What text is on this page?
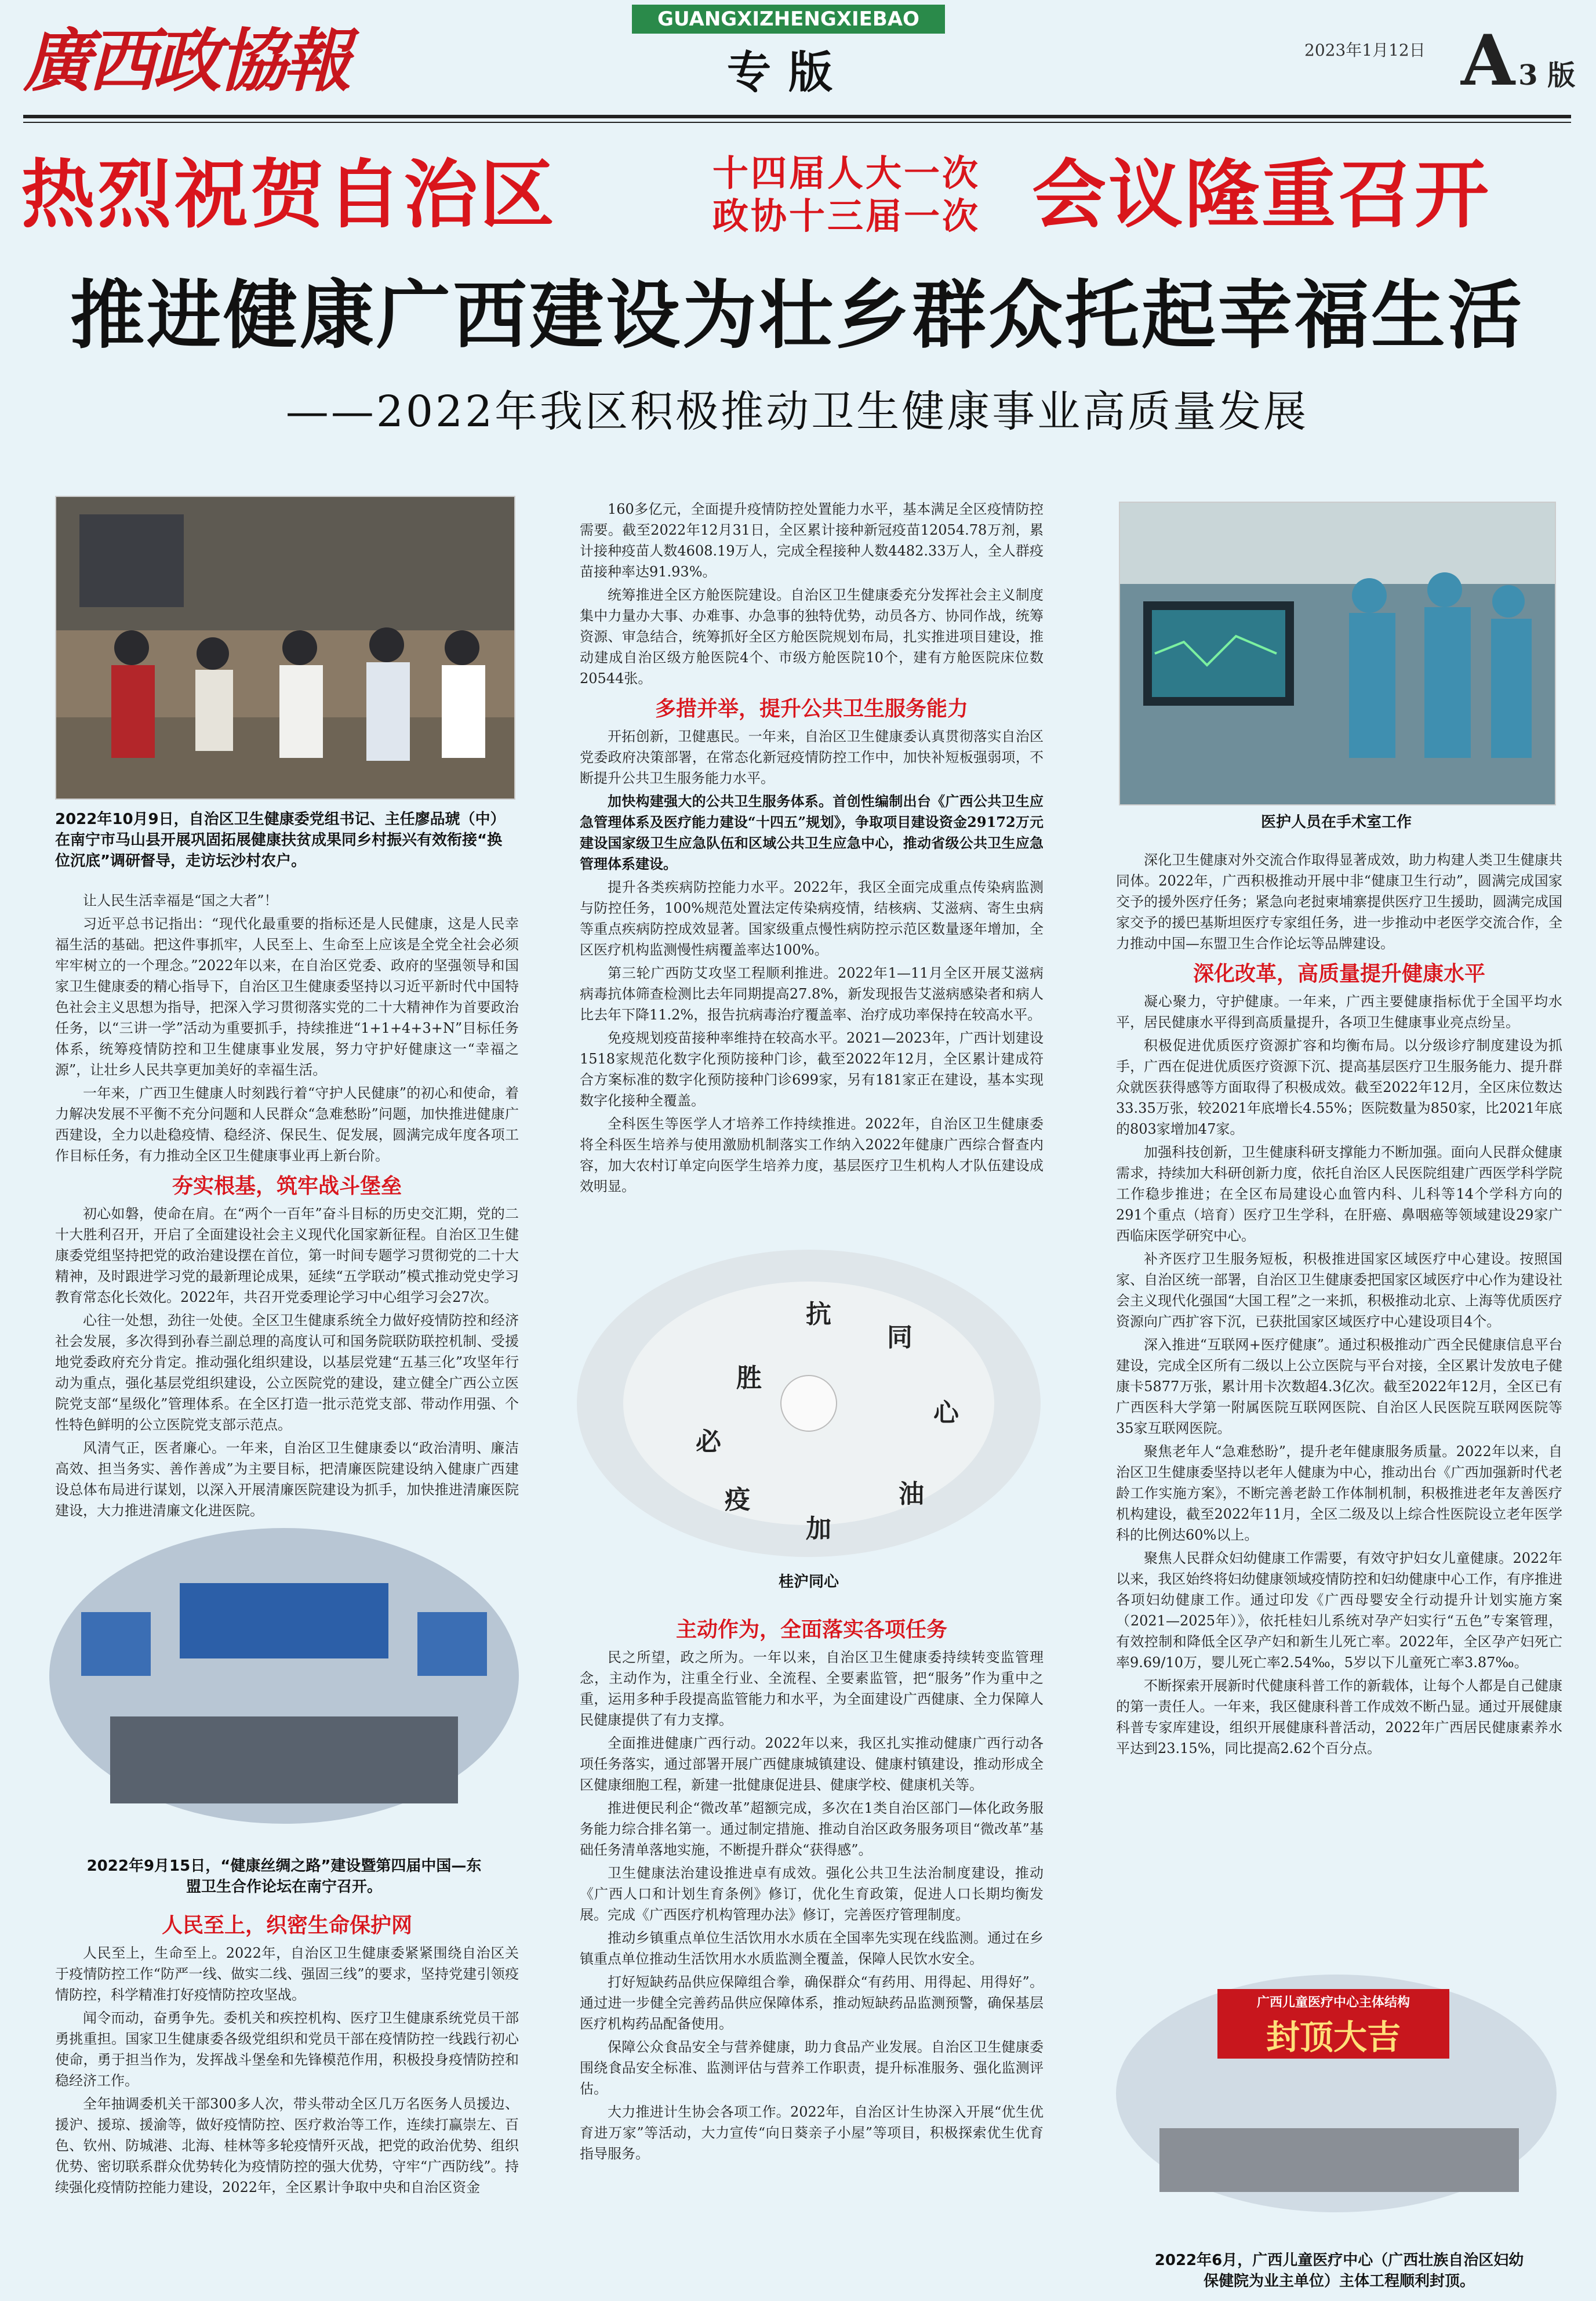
廣西政協報
GUANGXIZHENGXIEBAO
专版	2023年1月12日 A 3 版
热烈祝贺自治区	十四届人大一次
政协十三届一次 会议隆重召开
推进健康广西建设为壮乡群众托起幸福生活
——2022年我区积极推动卫生健康事业高质量发展
2022年10月9日，自治区卫生健康委党组书记、主任廖品琥（中）在南宁市马山县开展巩固拓展健康扶贫成果同乡村振兴有效衔接“换位沉底”调研督导，走访坛沙村农户。
医护人员在手术室工作
必
胜
同
心
抗
疫
加
油
桂沪同心
2022年9月15日，“健康丝绸之路”建设暨第四届中国—东盟卫生合作论坛在南宁召开。
广西儿童医疗中心主体结构
封顶大吉
2022年6月，广西儿童医疗中心（广西壮族自治区妇幼保健院为业主单位）主体工程顺利封顶。

让人民生活幸福是“国之大者”！

习近平总书记指出：“现代化最重要的指标还是人民健康，这是人民幸福生活的基础。把这件事抓牢，人民至上、生命至上应该是全党全社会必须牢牢树立的一个理念。”2022年以来，在自治区党委、政府的坚强领导和国家卫生健康委的精心指导下，自治区卫生健康委坚持以习近平新时代中国特色社会主义思想为指导，把深入学习贯彻落实党的二十大精神作为首要政治任务，以“三讲一学”活动为重要抓手，持续推进“1+1+4+3+N”目标任务体系，统筹疫情防控和卫生健康事业发展，努力守护好健康这一“幸福之源”，让壮乡人民共享更加美好的幸福生活。

一年来，广西卫生健康人时刻践行着“守护人民健康”的初心和使命，着力解决发展不平衡不充分问题和人民群众“急难愁盼”问题，加快推进健康广西建设，全力以赴稳疫情、稳经济、保民生、促发展，圆满完成年度各项工作目标任务，有力推动全区卫生健康事业再上新台阶。

夯实根基，筑牢战斗堡垒

初心如磐，使命在肩。在“两个一百年”奋斗目标的历史交汇期，党的二十大胜利召开，开启了全面建设社会主义现代化国家新征程。自治区卫生健康委党组坚持把党的政治建设摆在首位，第一时间专题学习贯彻党的二十大精神，及时跟进学习党的最新理论成果，延续“五学联动”模式推动党史学习教育常态化长效化。2022年，共召开党委理论学习中心组学习会27次。

心往一处想，劲往一处使。全区卫生健康系统全力做好疫情防控和经济社会发展，多次得到孙春兰副总理的高度认可和国务院联防联控机制、受援地党委政府充分肯定。推动强化组织建设，以基层党建“五基三化”攻坚年行动为重点，强化基层党组织建设，公立医院党的建设，建立健全广西公立医院党支部“星级化”管理体系。在全区打造一批示范党支部、带动作用强、个性特色鲜明的公立医院党支部示范点。

风清气正，医者廉心。一年来，自治区卫生健康委以“政治清明、廉洁高效、担当务实、善作善成”为主要目标，把清廉医院建设纳入健康广西建设总体布局进行谋划，以深入开展清廉医院建设为抓手，加快推进清廉医院建设，大力推进清廉文化进医院。

人民至上，织密生命保护网

人民至上，生命至上。2022年，自治区卫生健康委紧紧围绕自治区关于疫情防控工作“防严一线、做实二线、强固三线”的要求，坚持党建引领疫情防控，科学精准打好疫情防控攻坚战。

闻令而动，奋勇争先。委机关和疾控机构、医疗卫生健康系统党员干部勇挑重担。国家卫生健康委各级党组织和党员干部在疫情防控一线践行初心使命，勇于担当作为，发挥战斗堡垒和先锋模范作用，积极投身疫情防控和稳经济工作。

全年抽调委机关干部300多人次，带头带动全区几万名医务人员援边、援沪、援琼、援渝等，做好疫情防控、医疗救治等工作，连续打赢崇左、百色、钦州、防城港、北海、桂林等多轮疫情歼灭战，把党的政治优势、组织优势、密切联系群众优势转化为疫情防控的强大优势，守牢“广西防线”。持续强化疫情防控能力建设，2022年，全区累计争取中央和自治区资金

160多亿元，全面提升疫情防控处置能力水平，基本满足全区疫情防控需要。截至2022年12月31日，全区累计接种新冠疫苗12054.78万剂，累计接种疫苗人数4608.19万人，完成全程接种人数4482.33万人，全人群疫苗接种率达91.93%。

统筹推进全区方舱医院建设。自治区卫生健康委充分发挥社会主义制度集中力量办大事、办难事、办急事的独特优势，动员各方、协同作战，统筹资源、审急结合，统筹抓好全区方舱医院规划布局，扎实推进项目建设，推动建成自治区级方舱医院4个、市级方舱医院10个，建有方舱医院床位数20544张。

多措并举，提升公共卫生服务能力

开拓创新，卫健惠民。一年来，自治区卫生健康委认真贯彻落实自治区党委政府决策部署，在常态化新冠疫情防控工作中，加快补短板强弱项，不断提升公共卫生服务能力水平。

加快构建强大的公共卫生服务体系。首创性编制出台《广西公共卫生应急管理体系及医疗能力建设“十四五”规划》，争取项目建设资金29172万元建设国家级卫生应急队伍和区域公共卫生应急中心，推动省级公共卫生应急管理体系建设。

提升各类疾病防控能力水平。2022年，我区全面完成重点传染病监测与防控任务，100%规范处置法定传染病疫情，结核病、艾滋病、寄生虫病等重点疾病防控成效显著。国家级重点慢性病防控示范区数量逐年增加，全区医疗机构监测慢性病覆盖率达100%。

第三轮广西防艾攻坚工程顺利推进。2022年1—11月全区开展艾滋病病毒抗体筛查检测比去年同期提高27.8%，新发现报告艾滋病感染者和病人比去年下降11.2%，报告抗病毒治疗覆盖率、治疗成功率保持在较高水平。

免疫规划疫苗接种率维持在较高水平。2021—2023年，广西计划建设1518家规范化数字化预防接种门诊，截至2022年12月，全区累计建成符合方案标准的数字化预防接种门诊699家，另有181家正在建设，基本实现数字化接种全覆盖。

全科医生等医学人才培养工作持续推进。2022年，自治区卫生健康委将全科医生培养与使用激励机制落实工作纳入2022年健康广西综合督查内容，加大农村订单定向医学生培养力度，基层医疗卫生机构人才队伍建设成效明显。

主动作为，全面落实各项任务

民之所望，政之所为。一年以来，自治区卫生健康委持续转变监管理念，主动作为，注重全行业、全流程、全要素监管，把“服务”作为重中之重，运用多种手段提高监管能力和水平，为全面建设广西健康、全力保障人民健康提供了有力支撑。

全面推进健康广西行动。2022年以来，我区扎实推动健康广西行动各项任务落实，通过部署开展广西健康城镇建设、健康村镇建设，推动形成全区健康细胞工程，新建一批健康促进县、健康学校、健康机关等。

推进便民利企“微改革”超额完成，多次在1类自治区部门—体化政务服务能力综合排名第一。通过制定措施、推动自治区政务服务项目“微改革”基础任务清单落地实施，不断提升群众“获得感”。

卫生健康法治建设推进卓有成效。强化公共卫生法治制度建设，推动《广西人口和计划生育条例》修订，优化生育政策，促进人口长期均衡发展。完成《广西医疗机构管理办法》修订，完善医疗管理制度。

推动乡镇重点单位生活饮用水水质在全国率先实现在线监测。通过在乡镇重点单位推动生活饮用水水质监测全覆盖，保障人民饮水安全。

打好短缺药品供应保障组合拳，确保群众“有药用、用得起、用得好”。通过进一步健全完善药品供应保障体系，推动短缺药品监测预警，确保基层医疗机构药品配备使用。

保障公众食品安全与营养健康，助力食品产业发展。自治区卫生健康委围绕食品安全标准、监测评估与营养工作职责，提升标准服务、强化监测评估。

大力推进计生协会各项工作。2022年，自治区计生协深入开展“优生优育进万家”等活动，大力宣传“向日葵亲子小屋”等项目，积极探索优生优育指导服务。

深化卫生健康对外交流合作取得显著成效，助力构建人类卫生健康共同体。2022年，广西积极推动开展中非“健康卫生行动”，圆满完成国家交予的援外医疗任务；紧急向老挝柬埔寨提供医疗卫生援助，圆满完成国家交予的援巴基斯坦医疗专家组任务，进一步推动中老医学交流合作，全力推动中国—东盟卫生合作论坛等品牌建设。

深化改革，高质量提升健康水平

凝心聚力，守护健康。一年来，广西主要健康指标优于全国平均水平，居民健康水平得到高质量提升，各项卫生健康事业亮点纷呈。

积极促进优质医疗资源扩容和均衡布局。以分级诊疗制度建设为抓手，广西在促进优质医疗资源下沉、提高基层医疗卫生服务能力、提升群众就医获得感等方面取得了积极成效。截至2022年12月，全区床位数达33.35万张，较2021年底增长4.55%；医院数量为850家，比2021年底的803家增加47家。

加强科技创新，卫生健康科研支撑能力不断加强。面向人民群众健康需求，持续加大科研创新力度，依托自治区人民医院组建广西医学科学院工作稳步推进；在全区布局建设心血管内科、儿科等14个学科方向的291个重点（培育）医疗卫生学科，在肝癌、鼻咽癌等领域建设29家广西临床医学研究中心。

补齐医疗卫生服务短板，积极推进国家区域医疗中心建设。按照国家、自治区统一部署，自治区卫生健康委把国家区域医疗中心作为建设社会主义现代化强国“大国工程”之一来抓，积极推动北京、上海等优质医疗资源向广西扩容下沉，已获批国家区域医疗中心建设项目4个。

深入推进“互联网+医疗健康”。通过积极推动广西全民健康信息平台建设，完成全区所有二级以上公立医院与平台对接，全区累计发放电子健康卡5877万张，累计用卡次数超4.3亿次。截至2022年12月，全区已有广西医科大学第一附属医院互联网医院、自治区人民医院互联网医院等35家互联网医院。

聚焦老年人“急难愁盼”，提升老年健康服务质量。2022年以来，自治区卫生健康委坚持以老年人健康为中心，推动出台《广西加强新时代老龄工作实施方案》，不断完善老龄工作体制机制，积极推进老年友善医疗机构建设，截至2022年11月，全区二级及以上综合性医院设立老年医学科的比例达60%以上。

聚焦人民群众妇幼健康工作需要，有效守护妇女儿童健康。2022年以来，我区始终将妇幼健康领域疫情防控和妇幼健康中心工作，有序推进各项妇幼健康工作。通过印发《广西母婴安全行动提升计划实施方案（2021—2025年）》，依托桂妇儿系统对孕产妇实行“五色”专案管理，有效控制和降低全区孕产妇和新生儿死亡率。2022年，全区孕产妇死亡率9.69/10万，婴儿死亡率2.54‰，5岁以下儿童死亡率3.87‰。

不断探索开展新时代健康科普工作的新载体，让每个人都是自己健康的第一责任人。一年来，我区健康科普工作成效不断凸显。通过开展健康科普专家库建设，组织开展健康科普活动，2022年广西居民健康素养水平达到23.15%，同比提高2.62个百分点。
